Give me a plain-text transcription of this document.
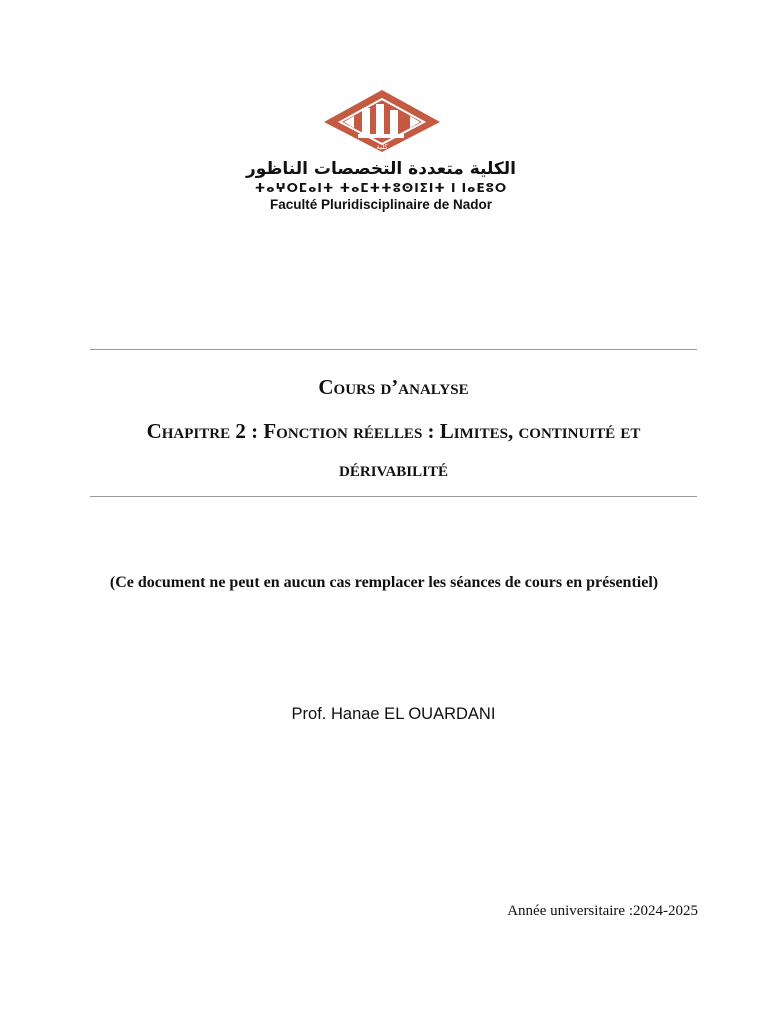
كلية
الكلية متعددة التخصصات الناظور
ⵜⴰⵖⵔⵎⴰⵏⵜ ⵜⴰⵎⵜⵜⵓⵙⵏⵉⵏⵜ ⵏ ⵏⴰⴹⵓⵔ
Faculté Pluridisciplinaire de Nador
Cours d’analyse
Chapitre 2 : Fonction réelles : Limites, continuité et dérivabilité
(Ce document ne peut en aucun cas remplacer les séances de cours en présentiel)
Prof. Hanae EL OUARDANI
Année universitaire :2024-2025
